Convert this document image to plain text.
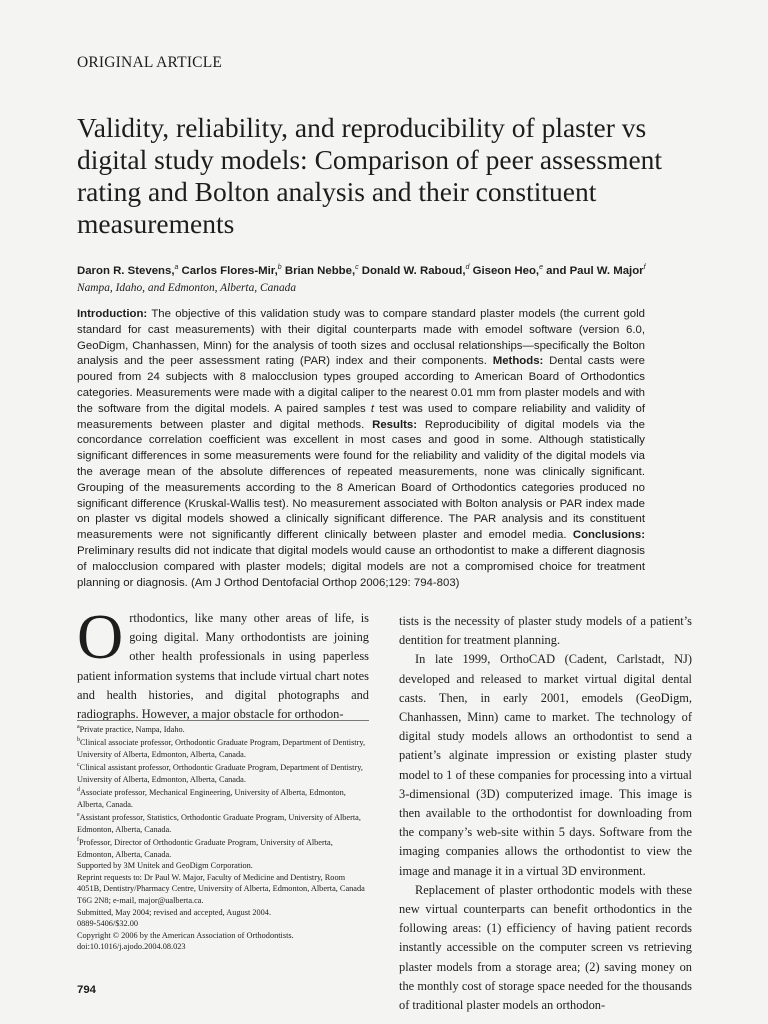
ORIGINAL ARTICLE
Validity, reliability, and reproducibility of plaster vs digital study models: Comparison of peer assessment rating and Bolton analysis and their constituent measurements
Daron R. Stevens,$^a$ Carlos Flores-Mir,$^b$ Brian Nebbe,$^c$ Donald W. Raboud,$^d$ Giseon Heo,$^e$ and Paul W. Major$^f$
Nampa, Idaho, and Edmonton, Alberta, Canada
Introduction: The objective of this validation study was to compare standard plaster models (the current gold standard for cast measurements) with their digital counterparts made with emodel software (version 6.0, GeoDigm, Chanhassen, Minn) for the analysis of tooth sizes and occlusal relationships—specifically the Bolton analysis and the peer assessment rating (PAR) index and their components. Methods: Dental casts were poured from 24 subjects with 8 malocclusion types grouped according to American Board of Orthodontics categories. Measurements were made with a digital caliper to the nearest 0.01 mm from plaster models and with the software from the digital models. A paired samples t test was used to compare reliability and validity of measurements between plaster and digital methods. Results: Reproducibility of digital models via the concordance correlation coefficient was excellent in most cases and good in some. Although statistically significant differences in some measurements were found for the reliability and validity of the digital models via the average mean of the absolute differences of repeated measurements, none was clinically significant. Grouping of the measurements according to the 8 American Board of Orthodontics categories produced no significant difference (Kruskal-Wallis test). No measurement associated with Bolton analysis or PAR index made on plaster vs digital models showed a clinically significant difference. The PAR analysis and its constituent measurements were not significantly different clinically between plaster and emodel media. Conclusions: Preliminary results did not indicate that digital models would cause an orthodontist to make a different diagnosis of malocclusion compared with plaster models; digital models are not a compromised choice for treatment planning or diagnosis. (Am J Orthod Dentofacial Orthop 2006;129: 794-803)

Orthodontics, like many other areas of life, is going digital. Many orthodontists are joining other health professionals in using paperless patient information systems that include virtual chart notes and health histories, and digital photographs and radiographs. However, a major obstacle for orthodon-

$^a$Private practice, Nampa, Idaho.

$^b$Clinical associate professor, Orthodontic Graduate Program, Department of Dentistry, University of Alberta, Edmonton, Alberta, Canada.

$^c$Clinical assistant professor, Orthodontic Graduate Program, Department of Dentistry, University of Alberta, Edmonton, Alberta, Canada.

$^d$Associate professor, Mechanical Engineering, University of Alberta, Edmonton, Alberta, Canada.

$^e$Assistant professor, Statistics, Orthodontic Graduate Program, University of Alberta, Edmonton, Alberta, Canada.

$^f$Professor, Director of Orthodontic Graduate Program, University of Alberta, Edmonton, Alberta, Canada.

Supported by 3M Unitek and GeoDigm Corporation.

Reprint requests to: Dr Paul W. Major, Faculty of Medicine and Dentistry, Room 4051B, Dentistry/Pharmacy Centre, University of Alberta, Edmonton, Alberta, Canada T6G 2N8; e-mail, major@ualberta.ca.

Submitted, May 2004; revised and accepted, August 2004.

0889-5406/$32.00

Copyright © 2006 by the American Association of Orthodontists.

doi:10.1016/j.ajodo.2004.08.023

794

tists is the necessity of plaster study models of a patient’s dentition for treatment planning.

In late 1999, OrthoCAD (Cadent, Carlstadt, NJ) developed and released to market virtual digital dental casts. Then, in early 2001, emodels (GeoDigm, Chanhassen, Minn) came to market. The technology of digital study models allows an orthodontist to send a patient’s alginate impression or existing plaster study model to 1 of these companies for processing into a virtual 3-dimensional (3D) computerized image. This image is then available to the orthodontist for downloading from the company’s web-site within 5 days. Software from the imaging companies allows the orthodontist to view the image and manage it in a virtual 3D environment.

Replacement of plaster orthodontic models with these new virtual counterparts can benefit orthodontics in the following areas: (1) efficiency of having patient records instantly accessible on the computer screen vs retrieving plaster models from a storage area; (2) saving money on the monthly cost of storage space needed for the thousands of traditional plaster models an orthodon-
